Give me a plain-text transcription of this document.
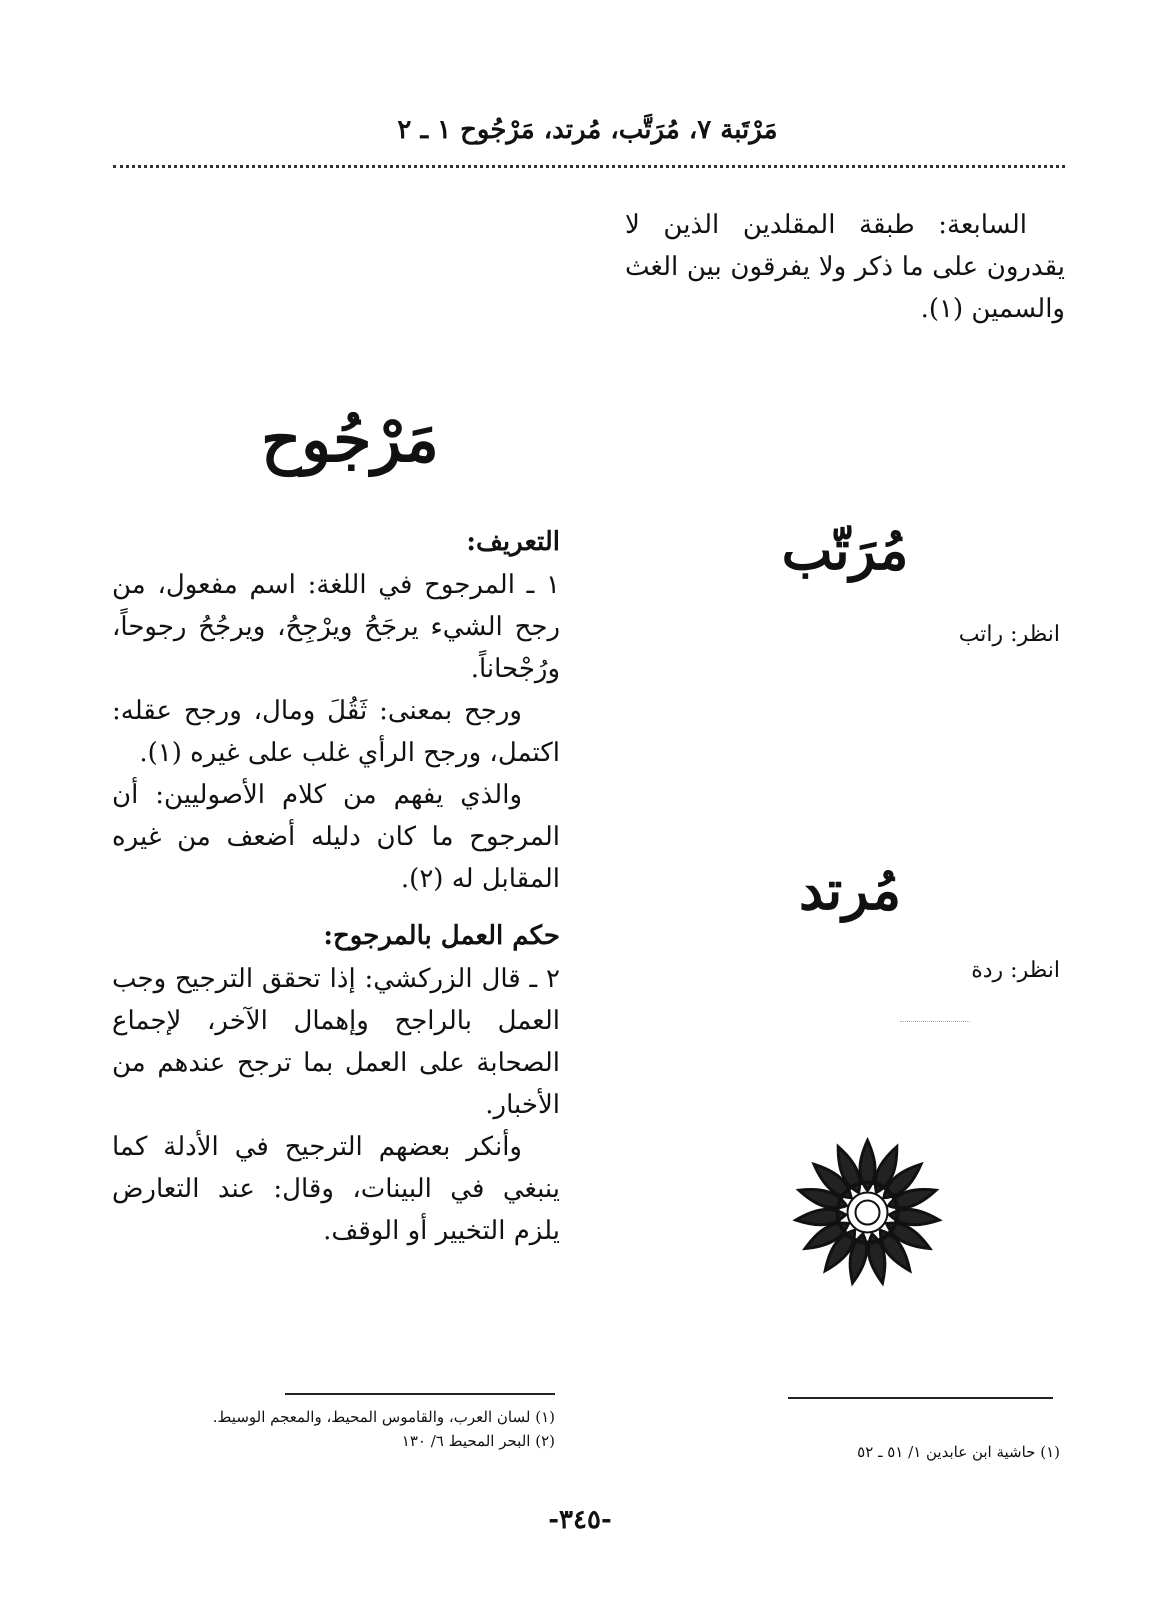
مَرْتَبة ٧، مُرَتَّب، مُرتد، مَرْجُوح ١ ـ ٢

السابعة: طبقة المقلدين الذين لا يقدرون على ما ذكر ولا يفرقون بين الغث والسمين (١).

مَرْجُوح
مُرَتّب
انظر: راتب
مُرتد
انظر: ردة

التعريف:

١ ـ المرجوح في اللغة: اسم مفعول، من رجح الشيء يرجَحُ ويرْجِحُ، ويرجُحُ رجوحاً، ورُجْحاناً.

ورجح بمعنى: ثَقُلَ ومال، ورجح عقله: اكتمل، ورجح الرأي غلب على غيره (١).

والذي يفهم من كلام الأصوليين: أن المرجوح ما كان دليله أضعف من غيره المقابل له (٢).

حكم العمل بالمرجوح:

٢ ـ قال الزركشي: إذا تحقق الترجيح وجب العمل بالراجح وإهمال الآخر، لإجماع الصحابة على العمل بما ترجح عندهم من الأخبار.

وأنكر بعضهم الترجيح في الأدلة كما ينبغي في البينات، وقال: عند التعارض يلزم التخيير أو الوقف.

(١) لسان العرب، والقاموس المحيط، والمعجم الوسيط.
(٢) البحر المحيط ٦/ ١٣٠
(١) حاشية ابن عابدين ١/ ٥١ ـ ٥٢
-٣٤٥-
